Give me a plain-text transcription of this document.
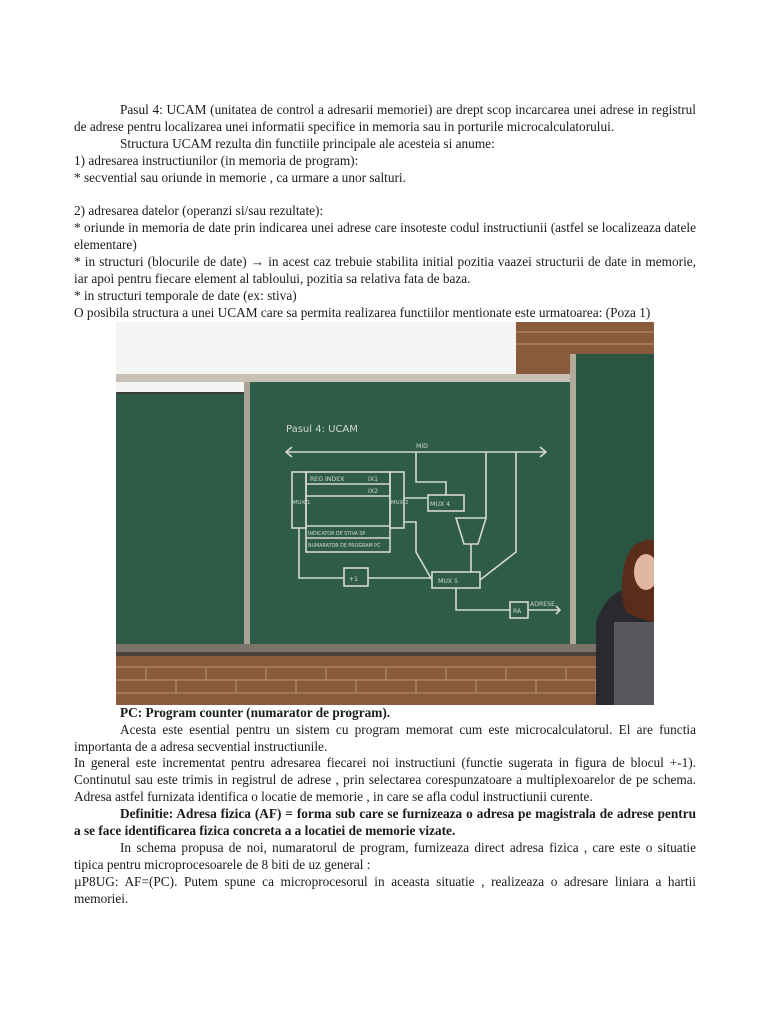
Pasul 4: UCAM (unitatea de control a adresarii memoriei) are drept scop incarcarea unei adrese in registrul de adrese pentru localizarea unei informatii specifice in memoria sau in porturile microcalculatorului.

Structura UCAM rezulta din functiile principale ale acesteia si anume:

1) adresarea instructiunilor (in memoria de program):

* secvential sau oriunde in memorie , ca urmare a unor salturi.

2) adresarea datelor (operanzi si/sau rezultate):

* oriunde in memoria de date prin indicarea unei adrese care insoteste codul instructiunii (astfel se localizeaza datele elementare)

* in structuri (blocurile de date) → in acest caz trebuie stabilita initial pozitia vaazei structurii de date in memorie, iar apoi pentru fiecare element al tabloului, pozitia sa relativa fata de baza.

* in structuri temporale de date (ex: stiva)

O posibila structura a unei UCAM care sa permita realizarea functiilor mentionate este urmatoarea: (Poza 1)

Pasul 4: UCAM
MID
REG INDEX	IX1
IX2
MUX 1	MUX 2	MUX 4
INDICATOR DE STIVA SP
NUMARATOR DE PROGRAM PC
+1	MUX 5
RA
ADRESE

PC: Program counter (numarator de program).

Acesta este esential pentru un sistem cu program memorat cum este microcalculatorul. El are functia importanta de a adresa secvential instructiunile.

In general este incrementat pentru adresarea fiecarei noi instructiuni (functie sugerata in figura de blocul +-1). Continutul sau este trimis in registrul de adrese , prin selectarea corespunzatoare a multiplexoarelor de pe schema. Adresa astfel furnizata identifica o locatie de memorie , in care se afla codul instructiunii curente.

Definitie: Adresa fizica (AF) = forma sub care se furnizeaza o adresa pe magistrala de adrese pentru a se face identificarea fizica concreta a a locatiei de memorie vizate.

In schema propusa de noi, numaratorul de program, furnizeaza direct adresa fizica , care este o situatie tipica pentru microprocesoarele de 8 biti de uz general :

µP8UG: AF=(PC). Putem spune ca microprocesorul in aceasta situatie , realizeaza o adresare liniara a hartii memoriei.
